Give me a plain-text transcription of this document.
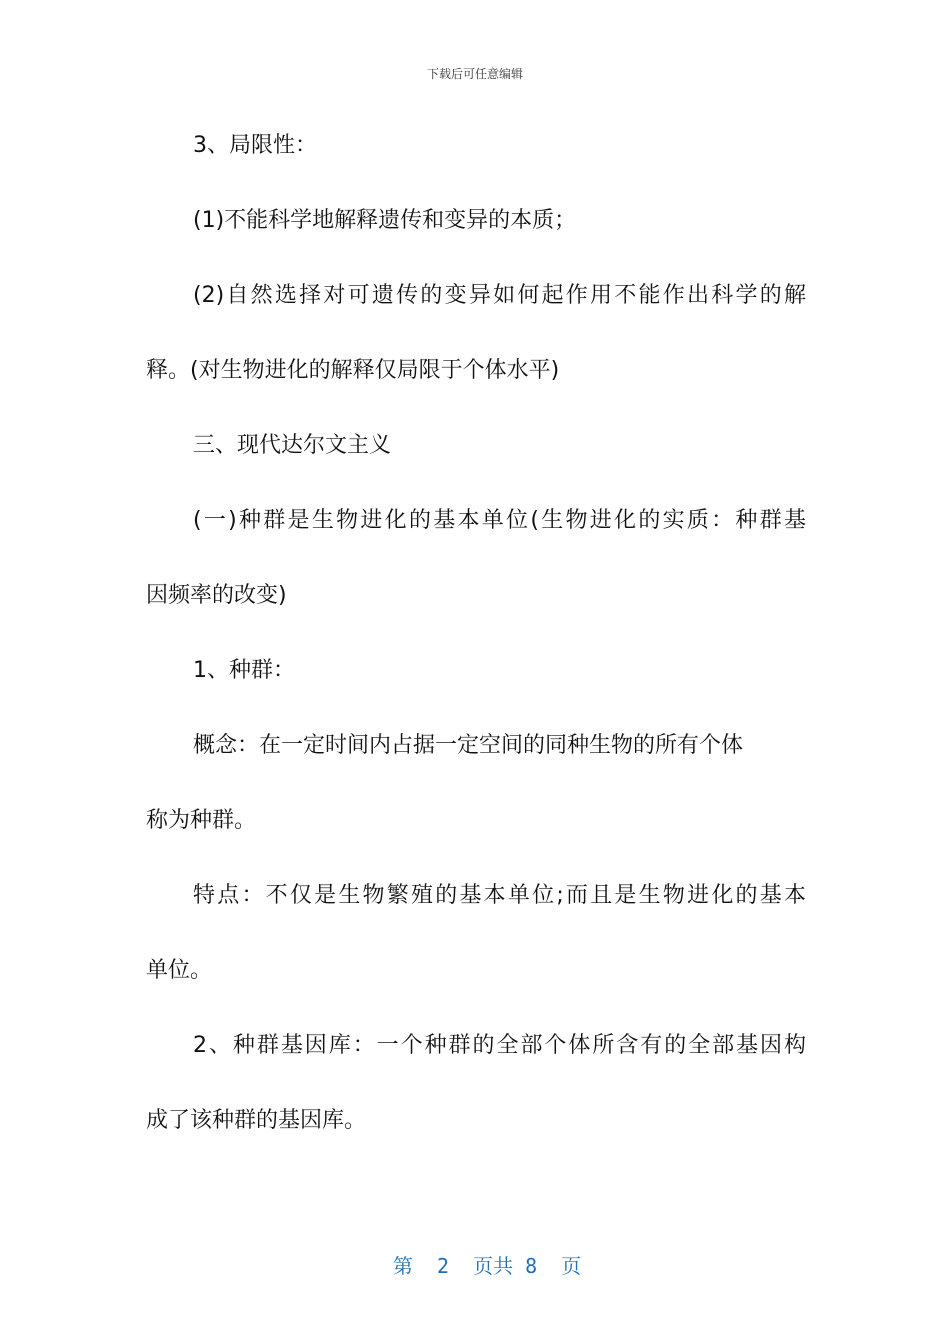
下载后可任意编辑
3、局限性：
(1)不能科学地解释遗传和变异的本质；
(2)自然选择对可遗传的变异如何起作用不能作出科学的解
释。(对生物进化的解释仅局限于个体水平)
三、现代达尔文主义
(一)种群是生物进化的基本单位(生物进化的实质：种群基
因频率的改变)
1、种群：
概念：在一定时间内占据一定空间的同种生物的所有个体
称为种群。
特点：不仅是生物繁殖的基本单位;而且是生物进化的基本
单位。
2、种群基因库：一个种群的全部个体所含有的全部基因构
成了该种群的基因库。

第  2  页共 8  页
